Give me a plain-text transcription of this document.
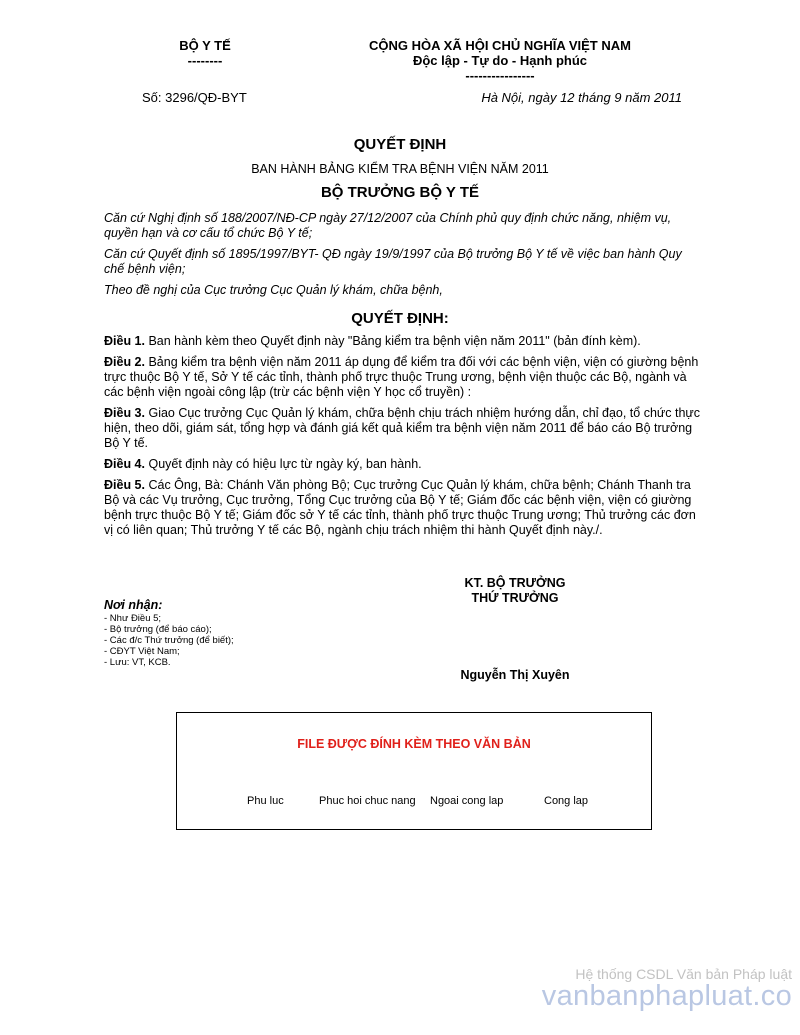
BỘ Y TẾ
--------
CỘNG HÒA XÃ HỘI CHỦ NGHĨA VIỆT NAM
Độc lập - Tự do - Hạnh phúc
----------------
Số: 3296/QĐ-BYT	Hà Nội, ngày 12 tháng 9 năm 2011
QUYẾT ĐỊNH
BAN HÀNH BẢNG KIỂM TRA BỆNH VIỆN NĂM 2011
BỘ TRƯỞNG BỘ Y TẾ

Căn cứ Nghị định số 188/2007/NĐ-CP ngày 27/12/2007 của Chính phủ quy định chức năng, nhiệm vụ, quyền hạn và cơ cấu tổ chức Bộ Y tế;

Căn cứ Quyết định số 1895/1997/BYT- QĐ ngày 19/9/1997 của Bộ trưởng Bộ Y tế về việc ban hành Quy chế bệnh viện;

Theo đề nghị của Cục trưởng Cục Quản lý khám, chữa bệnh,

QUYẾT ĐỊNH:

Điều 1. Ban hành kèm theo Quyết định này "Bảng kiểm tra bệnh viện năm 2011" (bản đính kèm).

Điều 2. Bảng kiểm tra bệnh viện năm 2011 áp dụng để kiểm tra đối với các bệnh viện, viện có giường bệnh trực thuộc Bộ Y tế, Sở Y tế các tỉnh, thành phố trực thuộc Trung ương, bệnh viện thuộc các Bộ, ngành và các bệnh viện ngoài công lập (trừ các bệnh viện Y học cổ truyền) :

Điều 3. Giao Cục trưởng Cục Quản lý khám, chữa bệnh chịu trách nhiệm hướng dẫn, chỉ đạo, tổ chức thực hiện, theo dõi, giám sát, tổng hợp và đánh giá kết quả kiểm tra bệnh viện năm 2011 để báo cáo Bộ trưởng Bộ Y tế.

Điều 4. Quyết định này có hiệu lực từ ngày ký, ban hành.

Điều 5. Các Ông, Bà: Chánh Văn phòng Bộ; Cục trưởng Cục Quản lý khám, chữa bệnh; Chánh Thanh tra Bộ và các Vụ trưởng, Cục trưởng, Tổng Cục trưởng của Bộ Y tế; Giám đốc các bệnh viện, viện có giường bệnh trực thuộc Bộ Y tế; Giám đốc sở Y tế các tỉnh, thành phố trực thuộc Trung ương; Thủ trưởng các đơn vị có liên quan; Thủ trưởng Y tế các Bộ, ngành chịu trách nhiệm thi hành Quyết định này./.

Nơi nhận:
- Như Điều 5;
- Bộ trưởng (để báo cáo);
- Các đ/c Thứ trưởng (để biết);
- CĐYT Việt Nam;
- Lưu: VT, KCB.
KT. BỘ TRƯỞNG
THỨ TRƯỞNG
Nguyễn Thị Xuyên
FILE ĐƯỢC ĐÍNH KÈM THEO VĂN BẢN
Phu luc	Phuc hoi chuc nang Ngoai cong lap	Cong lap
Hệ thống CSDL Văn bản Pháp luật
vanbanphapluat.co
